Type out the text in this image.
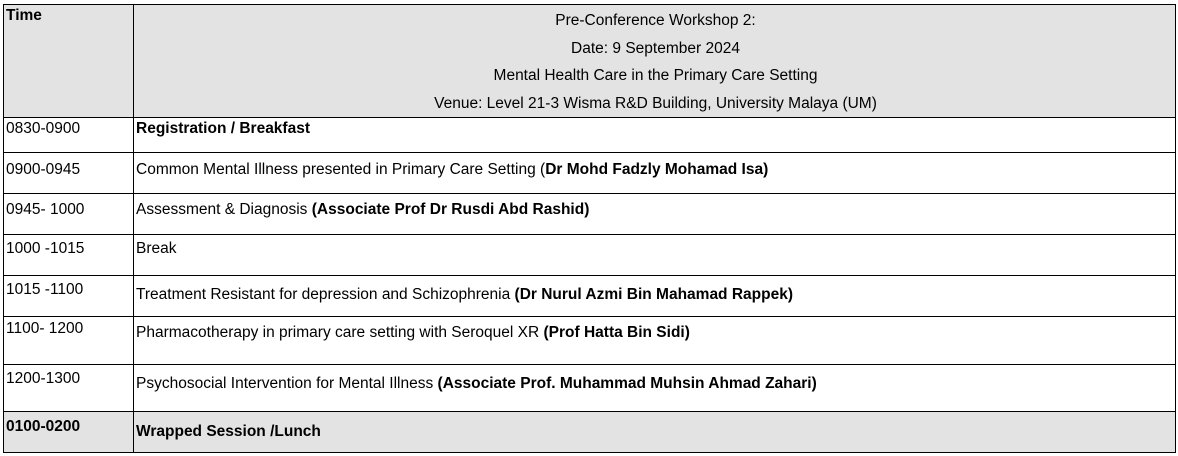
Time	Pre-Conference Workshop 2:
Date: 9 September 2024
Mental Health Care in the Primary Care Setting
Venue: Level 21-3 Wisma R&D Building, University Malaya (UM)

0830-0900	Registration / Breakfast
0900-0945	Common Mental Illness presented in Primary Care Setting (Dr Mohd Fadzly Mohamad Isa)
0945- 1000	Assessment & Diagnosis (Associate Prof Dr Rusdi Abd Rashid)
1000 -1015	Break
1015 -1100	Treatment Resistant for depression and Schizophrenia (Dr Nurul Azmi Bin Mahamad Rappek)
1100- 1200	Pharmacotherapy in primary care setting with Seroquel XR (Prof Hatta Bin Sidi)
1200-1300	Psychosocial Intervention for Mental Illness (Associate Prof. Muhammad Muhsin Ahmad Zahari)
0100-0200	Wrapped Session /Lunch
